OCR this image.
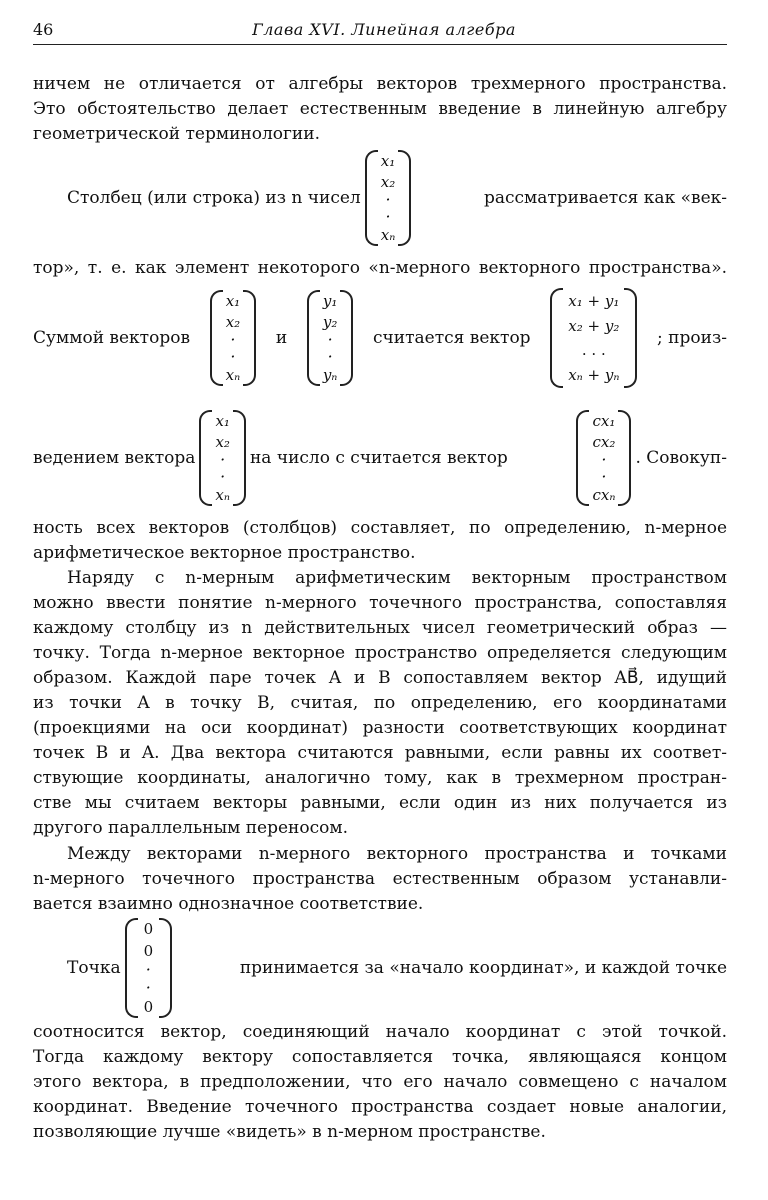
46	Глава XVI. Линейная алгебра
ничем не отличается от алгебры векторов трехмерного пространства.
Это обстоятельство делает естественным введение в линейную алгебру
геометрической терминологии.
Столбец (или строка) из n чисел
x₁
x₂
·
·
xₙ
рассматривается как «век-
тор», т. е. как элемент некоторого «n-мерного векторного пространства».
Суммой векторов
x₁
x₂
·
·
xₙ
и
y₁
y₂
·
·
yₙ
считается вектор
x₁ + y₁
x₂ + y₂
. . .
xₙ + yₙ
; произ-
ведением вектора
x₁
x₂
·
·
xₙ
на число c считается вектор
cx₁
cx₂
·
·
cxₙ
. Совокуп-
ность всех векторов (столбцов) составляет, по определению, n-мерное
арифметическое векторное пространство.
Наряду с n-мерным арифметическим векторным пространством
можно ввести понятие n-мерного точечного пространства, сопоставляя
каждому столбцу из n действительных чисел геометрический образ —
точку. Тогда n-мерное векторное пространство определяется следующим
образом. Каждой паре точек A и B сопоставляем вектор AB⃗, идущий
из точки A в точку B, считая, по определению, его координатами
(проекциями на оси координат) разности соответствующих координат
точек B и A. Два вектора считаются равными, если равны их соответ-
ствующие координаты, аналогично тому, как в трехмерном простран-
стве мы считаем векторы равными, если один из них получается из
другого параллельным переносом.
Между векторами n-мерного векторного пространства и точками
n-мерного точечного пространства естественным образом устанавли-
вается взаимно однозначное соответствие.
Точка
0
0
·
·
0
принимается за «начало координат», и каждой точке
соотносится вектор, соединяющий начало координат с этой точкой.
Тогда каждому вектору сопоставляется точка, являющаяся концом
этого вектора, в предположении, что его начало совмещено с началом
координат. Введение точечного пространства создает новые аналогии,
позволяющие лучше «видеть» в n-мерном пространстве.
